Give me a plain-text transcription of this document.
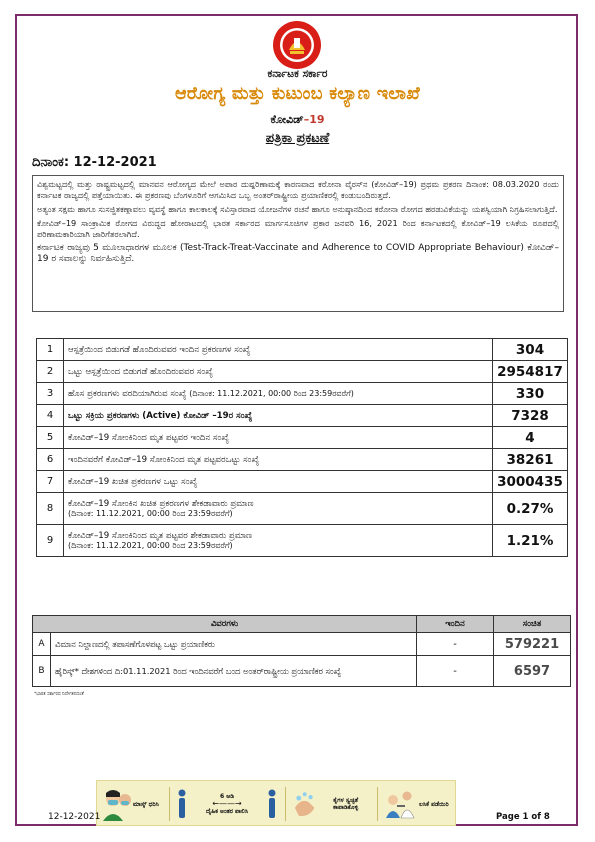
ಕರ್ನಾಟಕ ಸರ್ಕಾರ
ಆರೋಗ್ಯ ಮತ್ತು ಕುಟುಂಬ ಕಲ್ಯಾಣ ಇಲಾಖೆ
ಕೋವಿಡ್–19
ಪತ್ರಿಕಾ ಪ್ರಕಟಣೆ
ದಿನಾಂಕ: 12-12-2021

ವಿಶ್ವಮಟ್ಟದಲ್ಲಿ ಮತ್ತು ರಾಷ್ಟ್ರಮಟ್ಟದಲ್ಲಿ ಮಾನವನ ಆರೋಗ್ಯದ ಮೇಲೆ ಅಪಾರ ದುಷ್ಪರಿಣಾಮಕ್ಕೆ ಕಾರಣವಾದ ಕರೋನಾ ವೈರಸ್‌ನ (ಕೋವಿಡ್–19) ಪ್ರಥಮ ಪ್ರಕರಣ ದಿನಾಂಕ: 08.03.2020 ರಂದು ಕರ್ನಾಟಕ ರಾಜ್ಯದಲ್ಲಿ ಪತ್ತೆಯಾಯಿತು. ಈ ಪ್ರಕರಣವು ಬೆಂಗಳೂರಿಗೆ ಆಗಮಿಸಿದ ಒಬ್ಬ ಅಂತರ್‌ರಾಷ್ಟ್ರೀಯ ಪ್ರಯಾಣಿಕರಲ್ಲಿ ಕಂಡುಬಂದಿರುತ್ತದೆ.

ಅತ್ಯಂತ ಸಕ್ಷಮ ಹಾಗೂ ಸುಸಜ್ಜಿತಕಣ್ಗಾವಲು ವ್ಯವಸ್ಥೆ ಹಾಗೂ ಕಾಲಕಾಲಕ್ಕೆ ಸವಿಸ್ತಾರವಾದ ಯೋಜನೆಗಳ ರಚನೆ ಹಾಗೂ ಅನುಷ್ಠಾನದಿಂದ ಕರೋನಾ ರೋಗದ ಹರಡುವಿಕೆಯನ್ನು ಯಶಸ್ವಿಯಾಗಿ ನಿಗ್ರಹಿಸಲಾಗುತ್ತಿದೆ.

ಕೋವಿಡ್–19 ಸಾಂಕ್ರಾಮಿಕ ರೋಗದ ವಿರುದ್ಧದ ಹೋರಾಟದಲ್ಲಿ ಭಾರತ ಸರ್ಕಾರದ ಮಾರ್ಗಸೂಚಿಗಳ ಪ್ರಕಾರ ಜನವರಿ 16, 2021 ರಿಂದ ಕರ್ನಾಟಕದಲ್ಲಿ ಕೋವಿಡ್–19 ಲಸಿಕೆಯ ರೂಪದಲ್ಲಿ ಪರಿಣಾಮಕಾರಿಯಾಗಿ ಜಾರಿಗೆತರಲಾಗಿದೆ.

ಕರ್ನಾಟಕ ರಾಜ್ಯವು 5 ಮೂಲಾಧಾರಗಳ ಮೂಲಕ (Test-Track-Treat-Vaccinate and Adherence to COVID Appropriate Behaviour) ಕೋವಿಡ್–19 ರ ಸವಾಲನ್ನು ನಿರ್ವಹಿಸುತ್ತಿದೆ.

1	ಆಸ್ಪತ್ರೆಯಿಂದ ಬಿಡುಗಡೆ ಹೊಂದಿರುವವರ ಇಂದಿನ ಪ್ರಕರಣಗಳ ಸಂಖ್ಯೆ	304
2	ಒಟ್ಟು ಆಸ್ಪತ್ರೆಯಿಂದ ಬಿಡುಗಡೆ ಹೊಂದಿರುವವರ ಸಂಖ್ಯೆ	2954817
3	ಹೊಸ ಪ್ರಕರಣಗಳು ವರದಿಯಾಗಿರುವ ಸಂಖ್ಯೆ (ದಿನಾಂಕ: 11.12.2021, 00:00 ರಿಂದ 23:59ರವರೆಗೆ)	330
4	ಒಟ್ಟು ಸಕ್ರಿಯ ಪ್ರಕರಣಗಳು (Active) ಕೋವಿಡ್ –19ರ ಸಂಖ್ಯೆ	7328
5	ಕೋವಿಡ್–19 ಸೋಂಕಿನಿಂದ ಮೃತ ಪಟ್ಟವರ ಇಂದಿನ ಸಂಖ್ಯೆ	4
6	ಇಂದಿನವರೆಗೆ ಕೋವಿಡ್–19 ಸೋಂಕಿನಿಂದ ಮೃತ ಪಟ್ಟವರಒಟ್ಟು ಸಂಖ್ಯೆ	38261
7	ಕೋವಿಡ್–19 ಖಚಿತ ಪ್ರಕರಣಗಳ ಒಟ್ಟು ಸಂಖ್ಯೆ	3000435
8	ಕೋವಿಡ್–19 ಸೋಂಕಿನ ಖಚಿತ ಪ್ರಕರಣಗಳ ಶೇಕಡಾವಾರು ಪ್ರಮಾಣ
(ದಿನಾಂಕ: 11.12.2021, 00:00 ರಿಂದ 23:59ರವರೆಗೆ)	0.27%
9	ಕೋವಿಡ್–19 ಸೋಂಕಿನಿಂದ ಮೃತ ಪಟ್ಟವರ ಶೇಕಡಾವಾರು ಪ್ರಮಾಣ
(ದಿನಾಂಕ: 11.12.2021, 00:00 ರಿಂದ 23:59ರವರೆಗೆ)	1.21%
ವಿವರಗಳು		ಇಂದಿನ	ಸಂಚಿತ
A	ವಿಮಾನ ನಿಲ್ದಾಣದಲ್ಲಿ ತಪಾಸಣೆಗೊಳಪಟ್ಟ ಒಟ್ಟು ಪ್ರಯಾಣಿಕರು	-	579221
B	ಹೈರಿಸ್ಕ್* ದೇಶಗಳಿಂದ ದಿ:01.11.2021 ರಿಂದ ಇಂದಿನವರೆಗೆ ಬಂದ ಅಂತರ್‌ರಾಷ್ಟ್ರೀಯ ಪ್ರಯಾಣಿಕರ ಸಂಖ್ಯೆ	-	6597
*ಭಾರತ ಸರ್ಕಾರದ ನಿರ್ದೇಶನದಂತೆ
ಮಾಸ್ಕ್ ಧರಿಸಿ
6 ಅಡಿ
←——→
ದೈಹಿಕ ಅಂತರ ಪಾಲಿಸಿ
ಕೈಗಳ ಸ್ವಚ್ಛತೆ ಕಾಪಾಡಿಕೊಳ್ಳಿ	ಲಸಿಕೆ ಪಡೆಯಿರಿ
12-12-2021	Page 1 of 8
